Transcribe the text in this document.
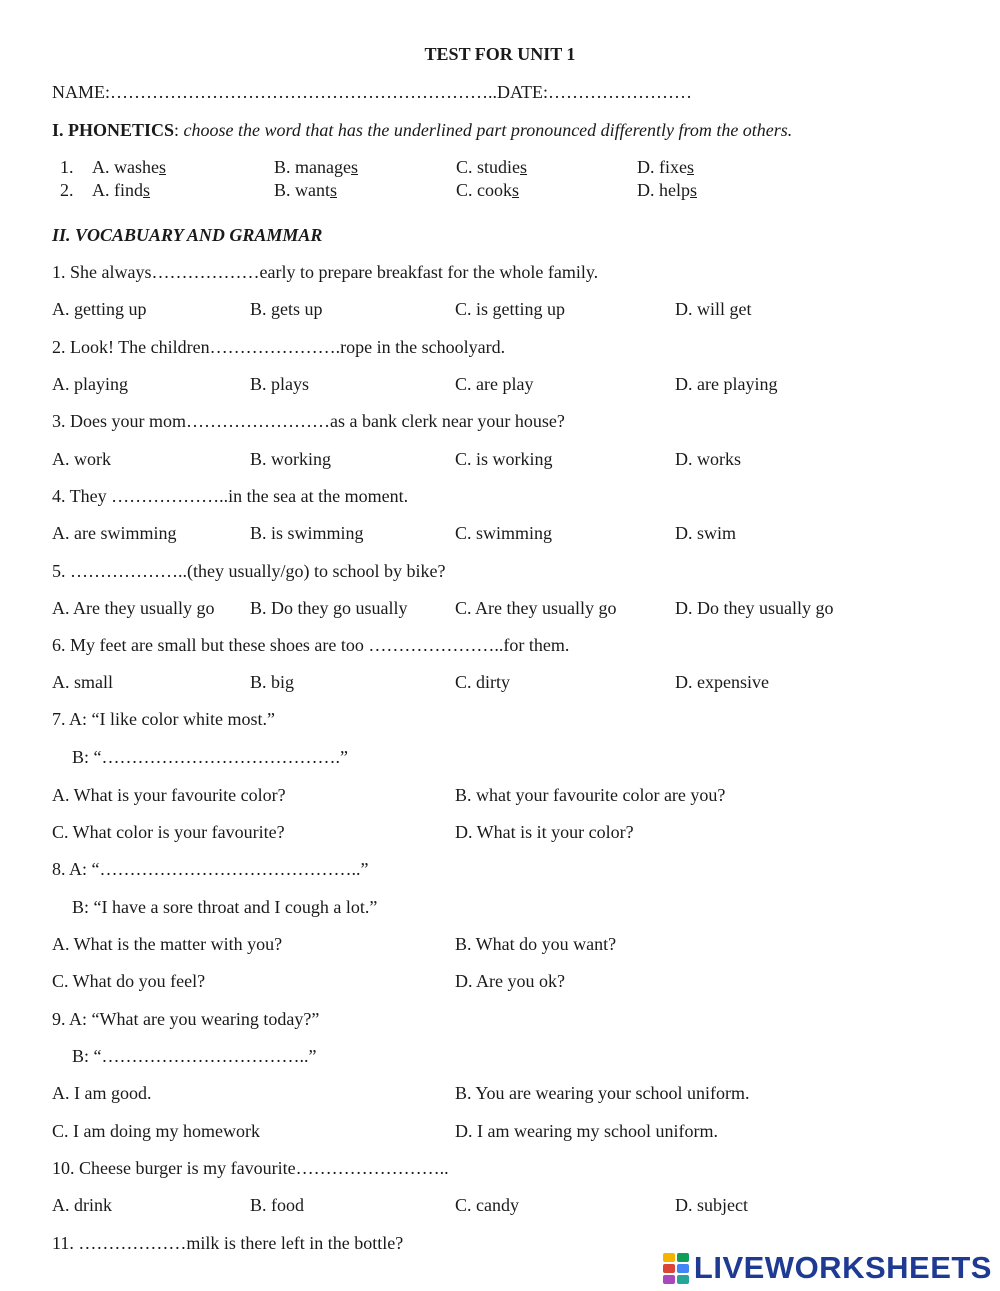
TEST FOR UNIT 1
NAME:………………………………………………………..DATE:……………………
I. PHONETICS: choose the word that has the underlined part pronounced differently from the others.
1. A. washes	B. manages	C. studies	D. fixes
2. A. finds	B. wants	C. cooks	D. helps
II. VOCABUARY AND GRAMMAR
1. She always………………early to prepare breakfast for the whole family.
A. getting up	B. gets up	C. is getting up	D. will get
2. Look! The children………………….rope in the schoolyard.
A. playing	B. plays	C. are play	D. are playing
3. Does your mom……………………as a bank clerk near your house?
A. work	B. working	C. is working	D. works
4. They ………………..in the sea at the moment.
A. are swimming	B. is swimming	C. swimming	D. swim
5. ………………..(they usually/go) to school by bike?
A. Are they usually go B. Do they go usually	C. Are they usually go	D. Do they usually go
6. My feet are small but these shoes are too …………………..for them.
A. small	B. big	C. dirty	D. expensive
7. A: “I like color white most.”
B: “………………………………….”
A. What is your favourite color?	B. what your favourite color are you?
C. What color is your favourite?	D. What is it your color?
8. A: “……………………………………..”
B: “I have a sore throat and I cough a lot.”
A. What is the matter with you?	B. What do you want?
C. What do you feel?	D. Are you ok?
9. A: “What are you wearing today?”
B: “……………………………..”
A. I am good.	B. You are wearing your school uniform.
C. I am doing my homework	D. I am wearing my school uniform.
10. Cheese burger is my favourite……………………..
A. drink	B. food	C. candy	D. subject
11. ………………milk is there left in the bottle?
LIVEWORKSHEETS
